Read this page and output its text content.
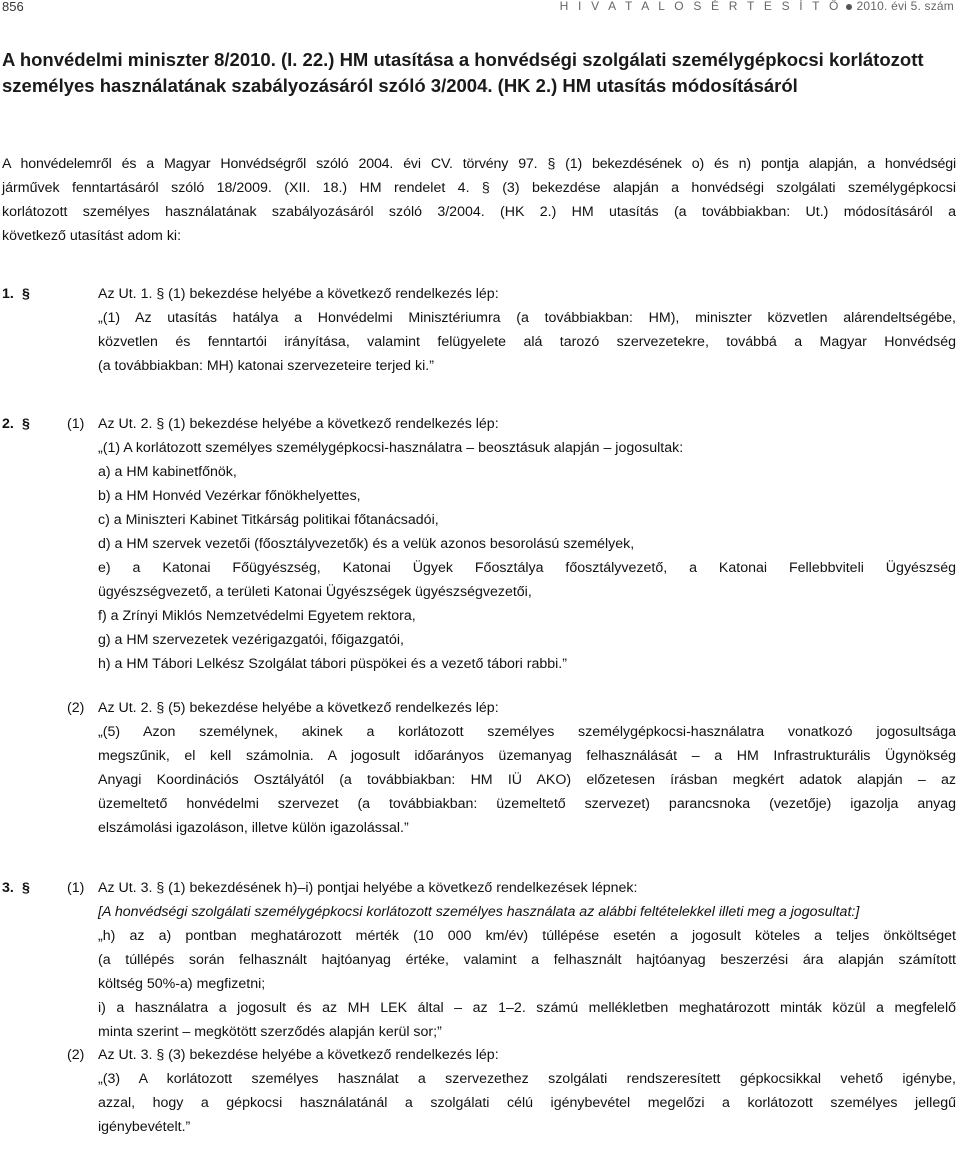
856	H I V A T A L O S É R T E S Í T Ő 2010. évi 5. szám
A honvédelmi miniszter 8/2010. (I. 22.) HM utasítása a honvédségi szolgálati személygépkocsi korlátozott személyes használatának szabályozásáról szóló 3/2004. (HK 2.) HM utasítás módosításáról
A honvédelemről és a Magyar Honvédségről szóló 2004. évi CV. törvény 97. § (1) bekezdésének o) és n) pontja alapján, a honvédségi
járművek fenntartásáról szóló 18/2009. (XII. 18.) HM rendelet 4. § (3) bekezdése alapján a honvédségi szolgálati személygépkocsi
korlátozott személyes használatának szabályozásáról szóló 3/2004. (HK 2.) HM utasítás (a továbbiakban: Ut.) módosításáról a
következő utasítást adom ki:
1. §	Az Ut. 1. § (1) bekezdése helyébe a következő rendelkezés lép:
„(1) Az utasítás hatálya a Honvédelmi Minisztériumra (a továbbiakban: HM), miniszter közvetlen alárendeltségébe,
közvetlen és fenntartói irányítása, valamint felügyelete alá tarozó szervezetekre, továbbá a Magyar Honvédség
(a továbbiakban: MH) katonai szervezeteire terjed ki.”
2. §	(1) Az Ut. 2. § (1) bekezdése helyébe a következő rendelkezés lép:
„(1) A korlátozott személyes személygépkocsi-használatra – beosztásuk alapján – jogosultak:
a) a HM kabinetfőnök,
b) a HM Honvéd Vezérkar főnökhelyettes,
c) a Miniszteri Kabinet Titkárság politikai főtanácsadói,
d) a HM szervek vezetői (főosztályvezetők) és a velük azonos besorolású személyek,
e) a Katonai Főügyészség, Katonai Ügyek Főosztálya főosztályvezető, a Katonai Fellebbviteli Ügyészség
ügyészségvezető, a területi Katonai Ügyészségek ügyészségvezetői,
f) a Zrínyi Miklós Nemzetvédelmi Egyetem rektora,
g) a HM szervezetek vezérigazgatói, főigazgatói,
h) a HM Tábori Lelkész Szolgálat tábori püspökei és a vezető tábori rabbi.”
(2) Az Ut. 2. § (5) bekezdése helyébe a következő rendelkezés lép:
„(5) Azon személynek, akinek a korlátozott személyes személygépkocsi-használatra vonatkozó jogosultsága
megszűnik, el kell számolnia. A jogosult időarányos üzemanyag felhasználását – a HM Infrastrukturális Ügynökség
Anyagi Koordinációs Osztályától (a továbbiakban: HM IÜ AKO) előzetesen írásban megkért adatok alapján – az
üzemeltető honvédelmi szervezet (a továbbiakban: üzemeltető szervezet) parancsnoka (vezetője) igazolja anyag
elszámolási igazoláson, illetve külön igazolással.”
3. §	(1) Az Ut. 3. § (1) bekezdésének h)–i) pontjai helyébe a következő rendelkezések lépnek:
[A honvédségi szolgálati személygépkocsi korlátozott személyes használata az alábbi feltételekkel illeti meg a jogosultat:]
„h) az a) pontban meghatározott mérték (10 000 km/év) túllépése esetén a jogosult köteles a teljes önköltséget
(a túllépés során felhasznált hajtóanyag értéke, valamint a felhasznált hajtóanyag beszerzési ára alapján számított
költség 50%-a) megfizetni;
i) a használatra a jogosult és az MH LEK által – az 1–2. számú mellékletben meghatározott minták közül a megfelelő
minta szerint – megkötött szerződés alapján kerül sor;”
(2) Az Ut. 3. § (3) bekezdése helyébe a következő rendelkezés lép:
„(3) A korlátozott személyes használat a szervezethez szolgálati rendszeresített gépkocsikkal vehető igénybe,
azzal, hogy a gépkocsi használatánál a szolgálati célú igénybevétel megelőzi a korlátozott személyes jellegű
igénybevételt.”
